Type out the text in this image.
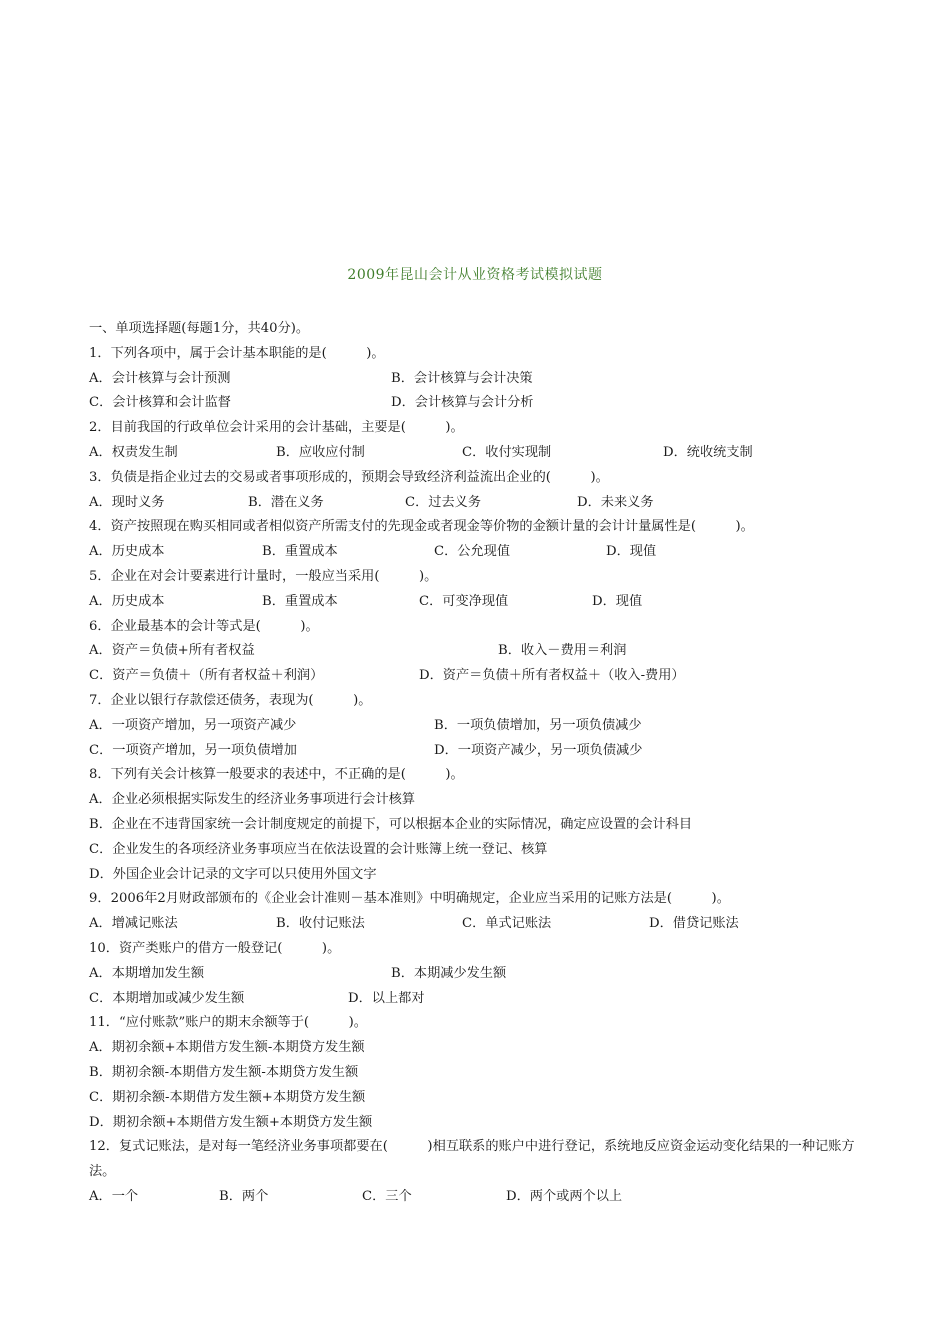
2009年昆山会计从业资格考试模拟试题
一、单项选择题(每题1分，共40分)。
1．下列各项中，属于会计基本职能的是(　　　)。
A．会计核算与会计预测	B．会计核算与会计决策
C．会计核算和会计监督	D．会计核算与会计分析
2．目前我国的行政单位会计采用的会计基础，主要是(　　　)。
A．权责发生制	B．应收应付制	C．收付实现制	D．统收统支制
3．负债是指企业过去的交易或者事项形成的，预期会导致经济利益流出企业的(　　　)。
A．现时义务	B．潜在义务	C．过去义务	D．未来义务
4．资产按照现在购买相同或者相似资产所需支付的先现金或者现金等价物的金额计量的会计计量属性是(　　　)。
A．历史成本	B．重置成本	C．公允现值	D．现值
5．企业在对会计要素进行计量时，一般应当采用(　　　)。
A．历史成本	B．重置成本	C．可变净现值	D．现值
6．企业最基本的会计等式是(　　　)。
A．资产＝负债+所有者权益	B．收入－费用＝利润
C．资产＝负债＋（所有者权益＋利润）	D．资产＝负债＋所有者权益＋（收入-费用）
7．企业以银行存款偿还债务，表现为(　　　)。
A．一项资产增加，另一项资产减少	B．一项负债增加，另一项负债减少
C．一项资产增加，另一项负债增加	D．一项资产减少，另一项负债减少
8．下列有关会计核算一般要求的表述中，不正确的是(　　　)。
A．企业必须根据实际发生的经济业务事项进行会计核算
B．企业在不违背国家统一会计制度规定的前提下，可以根据本企业的实际情况，确定应设置的会计科目
C．企业发生的各项经济业务事项应当在依法设置的会计账簿上统一登记、核算
D．外国企业会计记录的文字可以只使用外国文字
9．2006年2月财政部颁布的《企业会计准则－基本准则》中明确规定，企业应当采用的记账方法是(　　　)。
A．增减记账法	B．收付记账法	C．单式记账法	D．借贷记账法
10．资产类账户的借方一般登记(　　　)。
A．本期增加发生额	B．本期减少发生额
C．本期增加或减少发生额	D．以上都对
11．“应付账款”账户的期末余额等于(　　　)。
A．期初余额+本期借方发生额-本期贷方发生额
B．期初余额-本期借方发生额-本期贷方发生额
C．期初余额-本期借方发生额+本期贷方发生额
D．期初余额+本期借方发生额+本期贷方发生额
12．复式记账法，是对每一笔经济业务事项都要在(　　　)相互联系的账户中进行登记，系统地反应资金运动变化结果的一种记账方法。
A．一个	B．两个	C．三个	D．两个或两个以上
